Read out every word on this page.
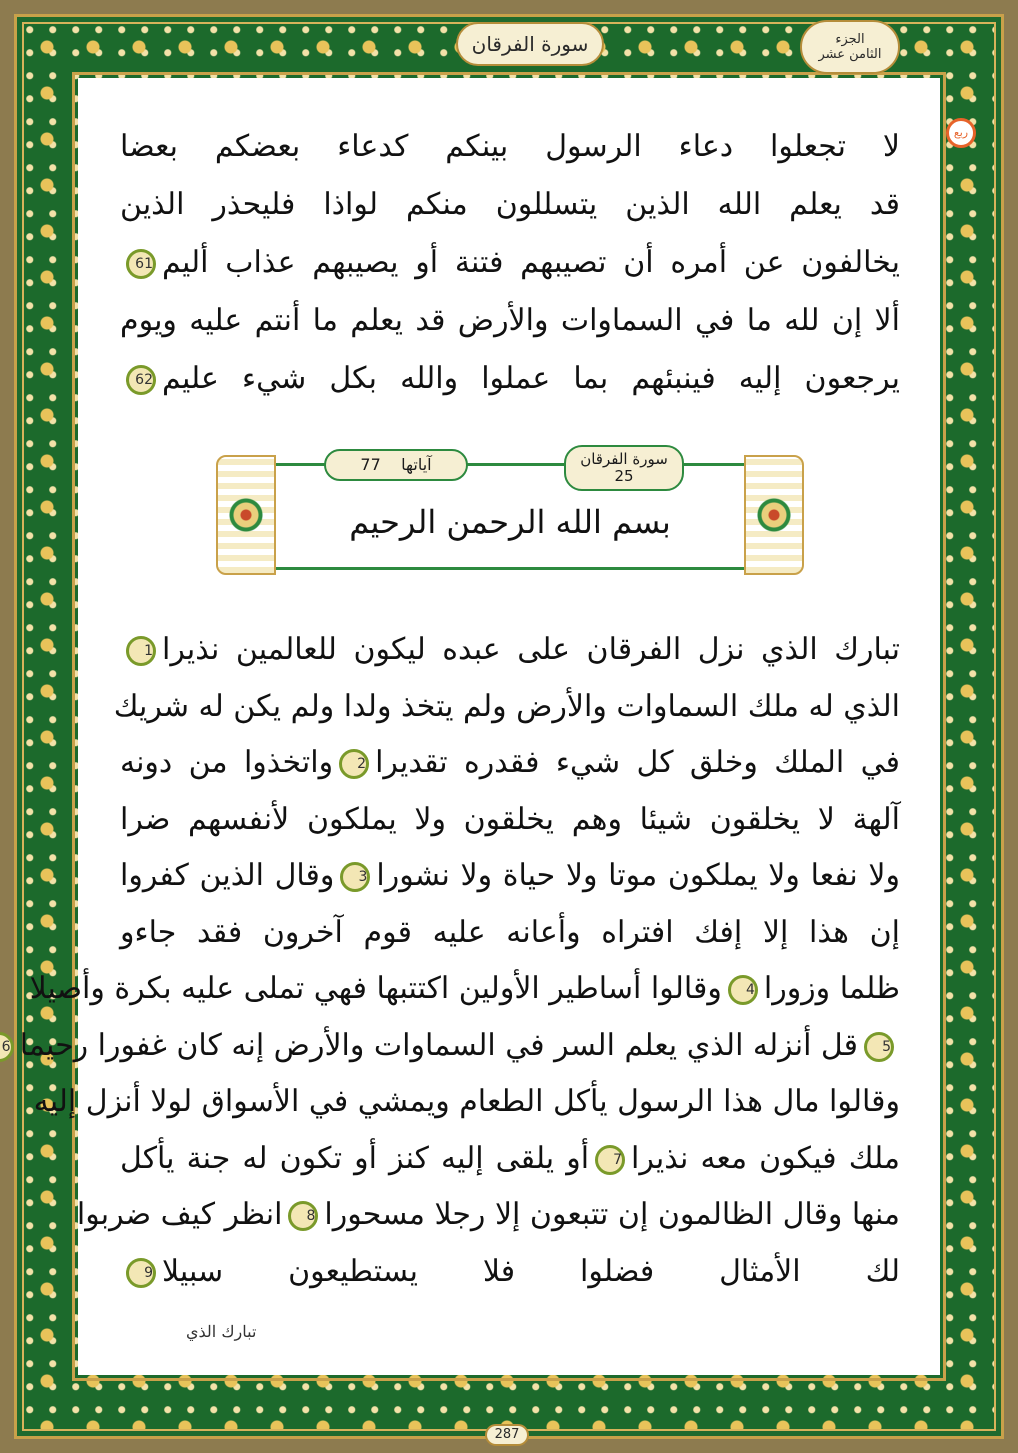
سورة الفرقان	الجزء
الثامن عشر
ربع
لا تجعلوا دعاء الرسول بينكم كدعاء بعضكم بعضا
قد يعلم الله الذين يتسللون منكم لواذا فليحذر الذين
يخالفون عن أمره أن تصيبهم فتنة أو يصيبهم عذاب أليم61
ألا إن لله ما في السماوات والأرض قد يعلم ما أنتم عليه ويوم
يرجعون إليه فينبئهم بما عملوا والله بكل شيء عليم62
سورة الفرقان
25
آياتها    77
بسم الله الرحمن الرحيم
تبارك الذي نزل الفرقان على عبده ليكون للعالمين نذيرا1
الذي له ملك السماوات والأرض ولم يتخذ ولدا ولم يكن له شريك
في الملك وخلق كل شيء فقدره تقديرا2واتخذوا من دونه
آلهة لا يخلقون شيئا وهم يخلقون ولا يملكون لأنفسهم ضرا
ولا نفعا ولا يملكون موتا ولا حياة ولا نشورا3وقال الذين كفروا
إن هذا إلا إفك افتراه وأعانه عليه قوم آخرون فقد جاءو
ظلما وزورا4وقالوا أساطير الأولين اكتتبها فهي تملى عليه بكرة وأصيلا
5قل أنزله الذي يعلم السر في السماوات والأرض إنه كان غفورا رحيما6
وقالوا مال هذا الرسول يأكل الطعام ويمشي في الأسواق لولا أنزل إليه
ملك فيكون معه نذيرا7أو يلقى إليه كنز أو تكون له جنة يأكل
منها وقال الظالمون إن تتبعون إلا رجلا مسحورا8انظر كيف ضربوا
لك الأمثال فضلوا فلا يستطيعون سبيلا9
تبارك الذي
287
